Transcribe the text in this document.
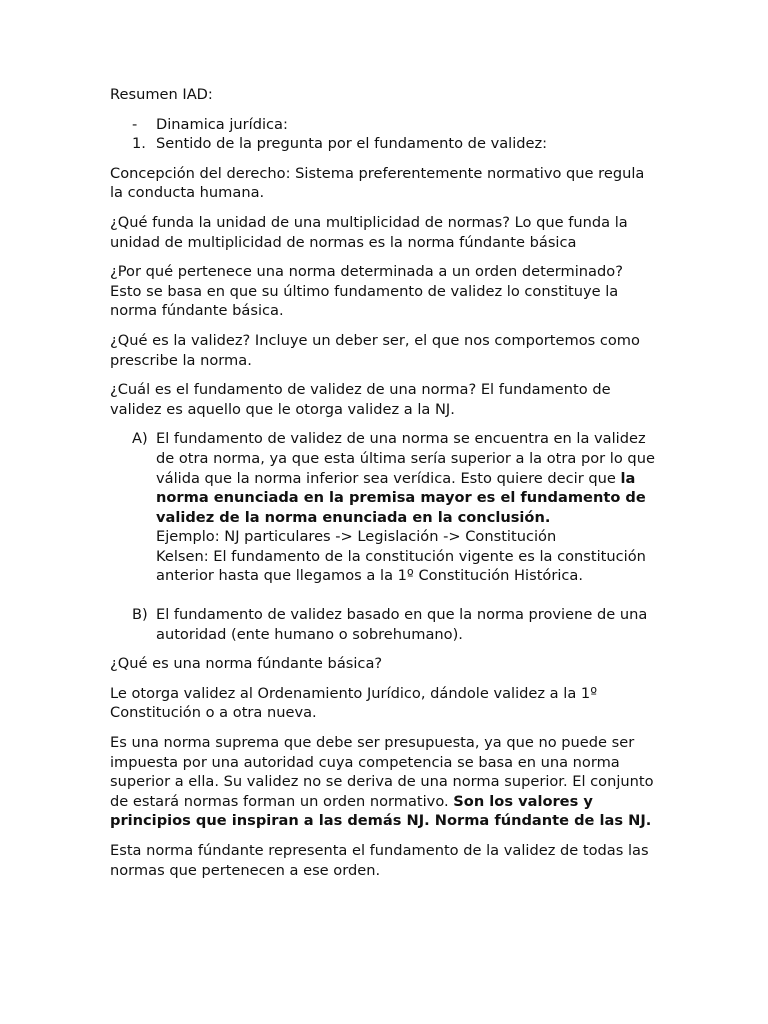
Resumen IAD:

- Dinamica jurídica:
1. Sentido de la pregunta por el fundamento de validez:

Concepción del derecho: Sistema preferentemente normativo que regula la conducta humana.

¿Qué funda la unidad de una multiplicidad de normas? Lo que funda la unidad de multiplicidad de normas es la norma fúndante básica

¿Por qué pertenece una norma determinada a un orden determinado? Esto se basa en que su último fundamento de validez lo constituye la norma fúndante básica.

¿Qué es la validez? Incluye un deber ser, el que nos comportemos como prescribe la norma.

¿Cuál es el fundamento de validez de una norma? El fundamento de validez es aquello que le otorga validez a la NJ.

A) El fundamento de validez de una norma se encuentra en la validez de otra norma, ya que esta última sería superior a la otra por lo que válida que la norma inferior sea verídica. Esto quiere decir que la norma enunciada en la premisa mayor es el fundamento de validez de la norma enunciada en la conclusión.
Ejemplo: NJ particulares -> Legislación -> Constitución
Kelsen: El fundamento de la constitución vigente es la constitución anterior hasta que llegamos a la 1º Constitución Histórica.
B) El fundamento de validez basado en que la norma proviene de una autoridad (ente humano o sobrehumano).

¿Qué es una norma fúndante básica?

Le otorga validez al Ordenamiento Jurídico, dándole validez a la 1º Constitución o a otra nueva.

Es una norma suprema que debe ser presupuesta, ya que no puede ser impuesta por una autoridad cuya competencia se basa en una norma superior a ella. Su validez no se deriva de una norma superior. El conjunto de estará normas forman un orden normativo. Son los valores y principios que inspiran a las demás NJ. Norma fúndante de las NJ.

Esta norma fúndante representa el fundamento de la validez de todas las normas que pertenecen a ese orden.
